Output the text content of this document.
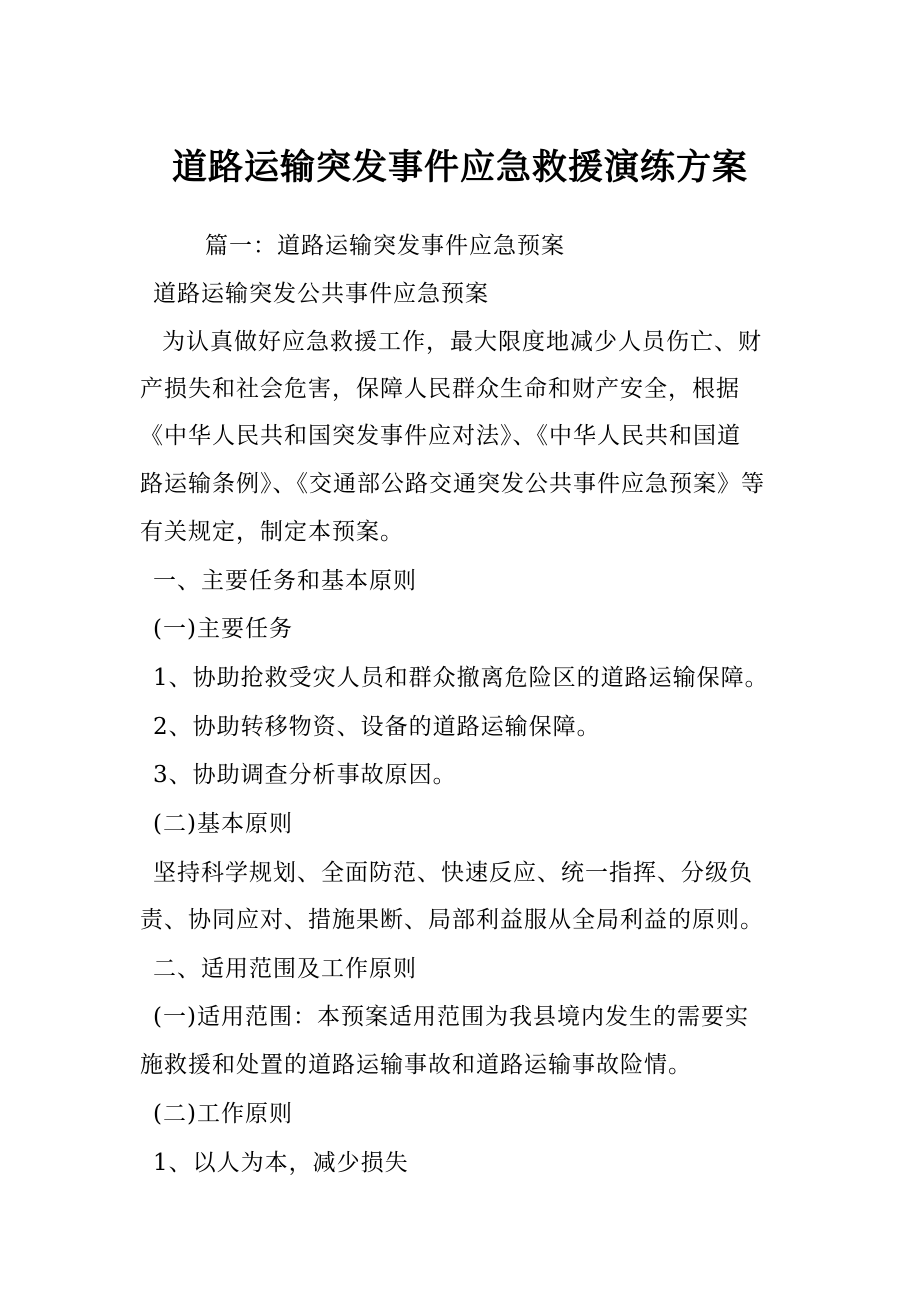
道路运输突发事件应急救援演练方案
篇一：道路运输突发事件应急预案
道路运输突发公共事件应急预案
为认真做好应急救援工作，最大限度地减少人员伤亡、财
产损失和社会危害，保障人民群众生命和财产安全，根据
《中华人民共和国突发事件应对法》、《中华人民共和国道
路运输条例》、《交通部公路交通突发公共事件应急预案》等
有关规定，制定本预案。
一、主要任务和基本原则
(一)主要任务
1、协助抢救受灾人员和群众撤离危险区的道路运输保障。
2、协助转移物资、设备的道路运输保障。
3、协助调查分析事故原因。
(二)基本原则
坚持科学规划、全面防范、快速反应、统一指挥、分级负
责、协同应对、措施果断、局部利益服从全局利益的原则。
二、适用范围及工作原则
(一)适用范围：本预案适用范围为我县境内发生的需要实
施救援和处置的道路运输事故和道路运输事故险情。
(二)工作原则
1、以人为本，减少损失
